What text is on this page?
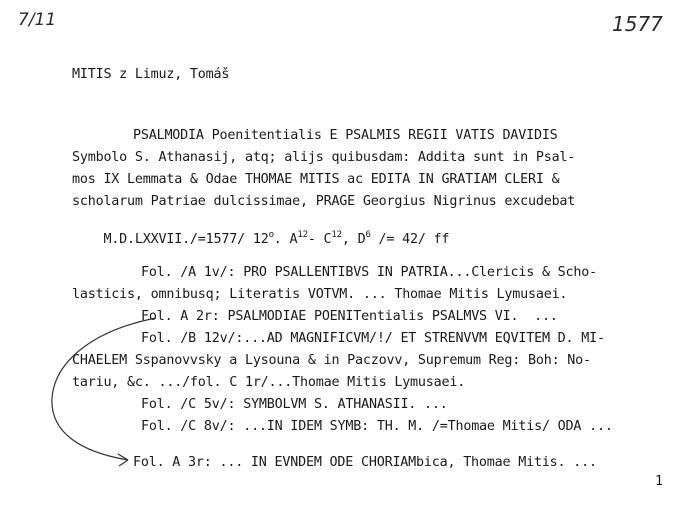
7/11	1577
MITIS z Limuz, Tomáš
PSALMODIA Poenitentialis E PSALMIS REGII VATIS DAVIDIS
Symbolo S. Athanasij, atq; alijs quibusdam: Addita sunt in Psal-
mos IX Lemmata & Odae THOMAE MITIS ac EDITA IN GRATIAM CLERI &
scholarum Patriae dulcissimae, PRAGE Georgius Nigrinus excudebat

M.D.LXXVII./=1577/ 12$^o$. $A^{12}-$ $C^{12}$, $D^6 /= 42/$ ff

Fol. /A 1v/: PRO PSALLENTIBVS IN PATRIA...Clericis & Scho-
lasticis, omnibusq; Literatis VOTVM. ... Thomae Mitis Lymusaei.
Fol. A 2r: PSALMODIAE POENITentialis PSALMVS VI.  ...
Fol. /B 12v/:...AD MAGNIFICVM/!/ ET STRENVVM EQVITEM D. MI-
CHAELEM Sspanovvsky a Lysouna & in Paczovv, Supremum Reg: Boh: No-
tariu, &c. .../fol. C 1r/...Thomae Mitis Lymusaei.
Fol. /C 5v/: SYMBOLVM S. ATHANASII. ...
Fol. /C 8v/: ...IN IDEM SYMB: TH. M. /=Thomae Mitis/ ODA ...
Fol. A 3r: ... IN EVNDEM ODE CHORIAMbica, Thomae Mitis. ...
1
